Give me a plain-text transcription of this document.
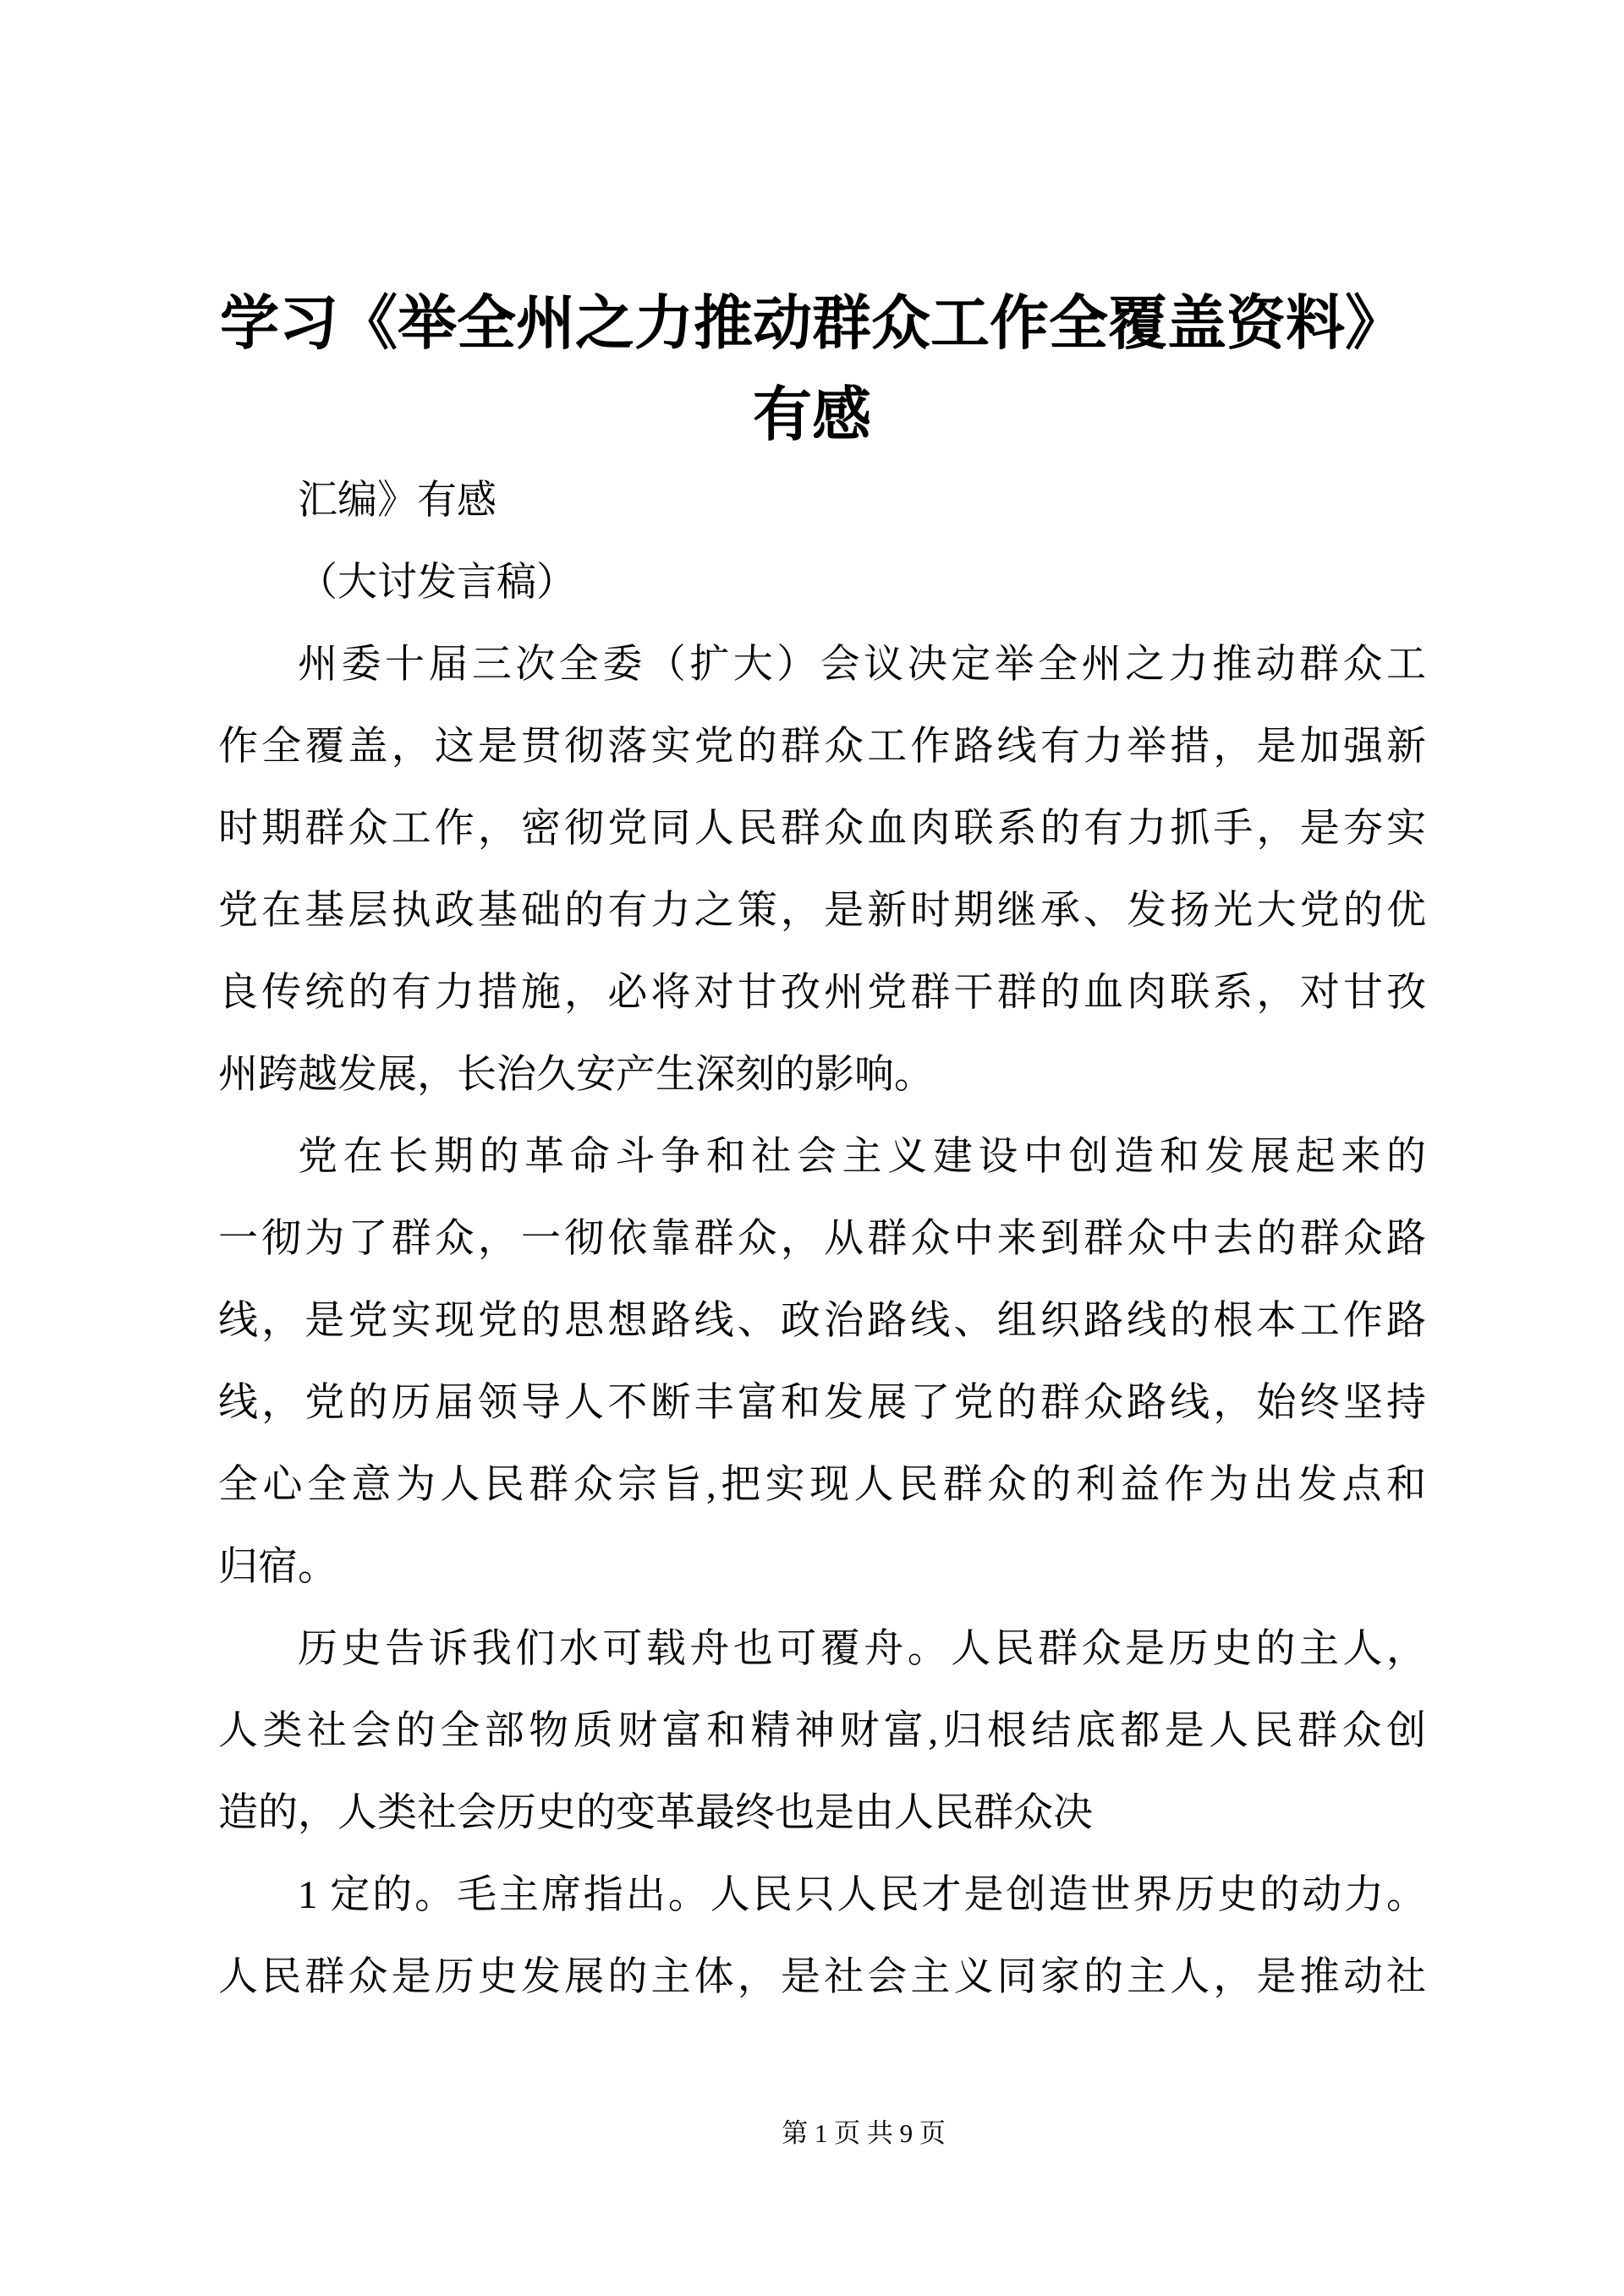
学习《举全州之力推动群众工作全覆盖资料》
有感
汇编》有感
（大讨发言稿）
州委十届三次全委（扩大）会议决定举全州之力推动群众工
作全覆盖，这是贯彻落实党的群众工作路线有力举措，是加强新
时期群众工作，密彻党同人民群众血肉联系的有力抓手，是夯实
党在基层执政基础的有力之策，是新时期继承、发扬光大党的优
良传统的有力措施，必将对甘孜州党群干群的血肉联系，对甘孜
州跨越发展，长治久安产生深刻的影响。
党在长期的革命斗争和社会主义建设中创造和发展起来的
一彻为了群众，一彻依靠群众，从群众中来到群众中去的群众路
线，是党实现党的思想路线、政治路线、组织路线的根本工作路
线，党的历届领导人不断丰富和发展了党的群众路线，始终坚持
全心全意为人民群众宗旨,把实现人民群众的利益作为出发点和
归宿。
历史告诉我们水可载舟也可覆舟。人民群众是历史的主人，
人类社会的全部物质财富和精神财富,归根结底都是人民群众创
造的，人类社会历史的变革最终也是由人民群众决
1 定的。毛主席指出。人民只人民才是创造世界历史的动力。
人民群众是历史发展的主体，是社会主义同家的主人，是推动社
第 1 页 共 9 页
